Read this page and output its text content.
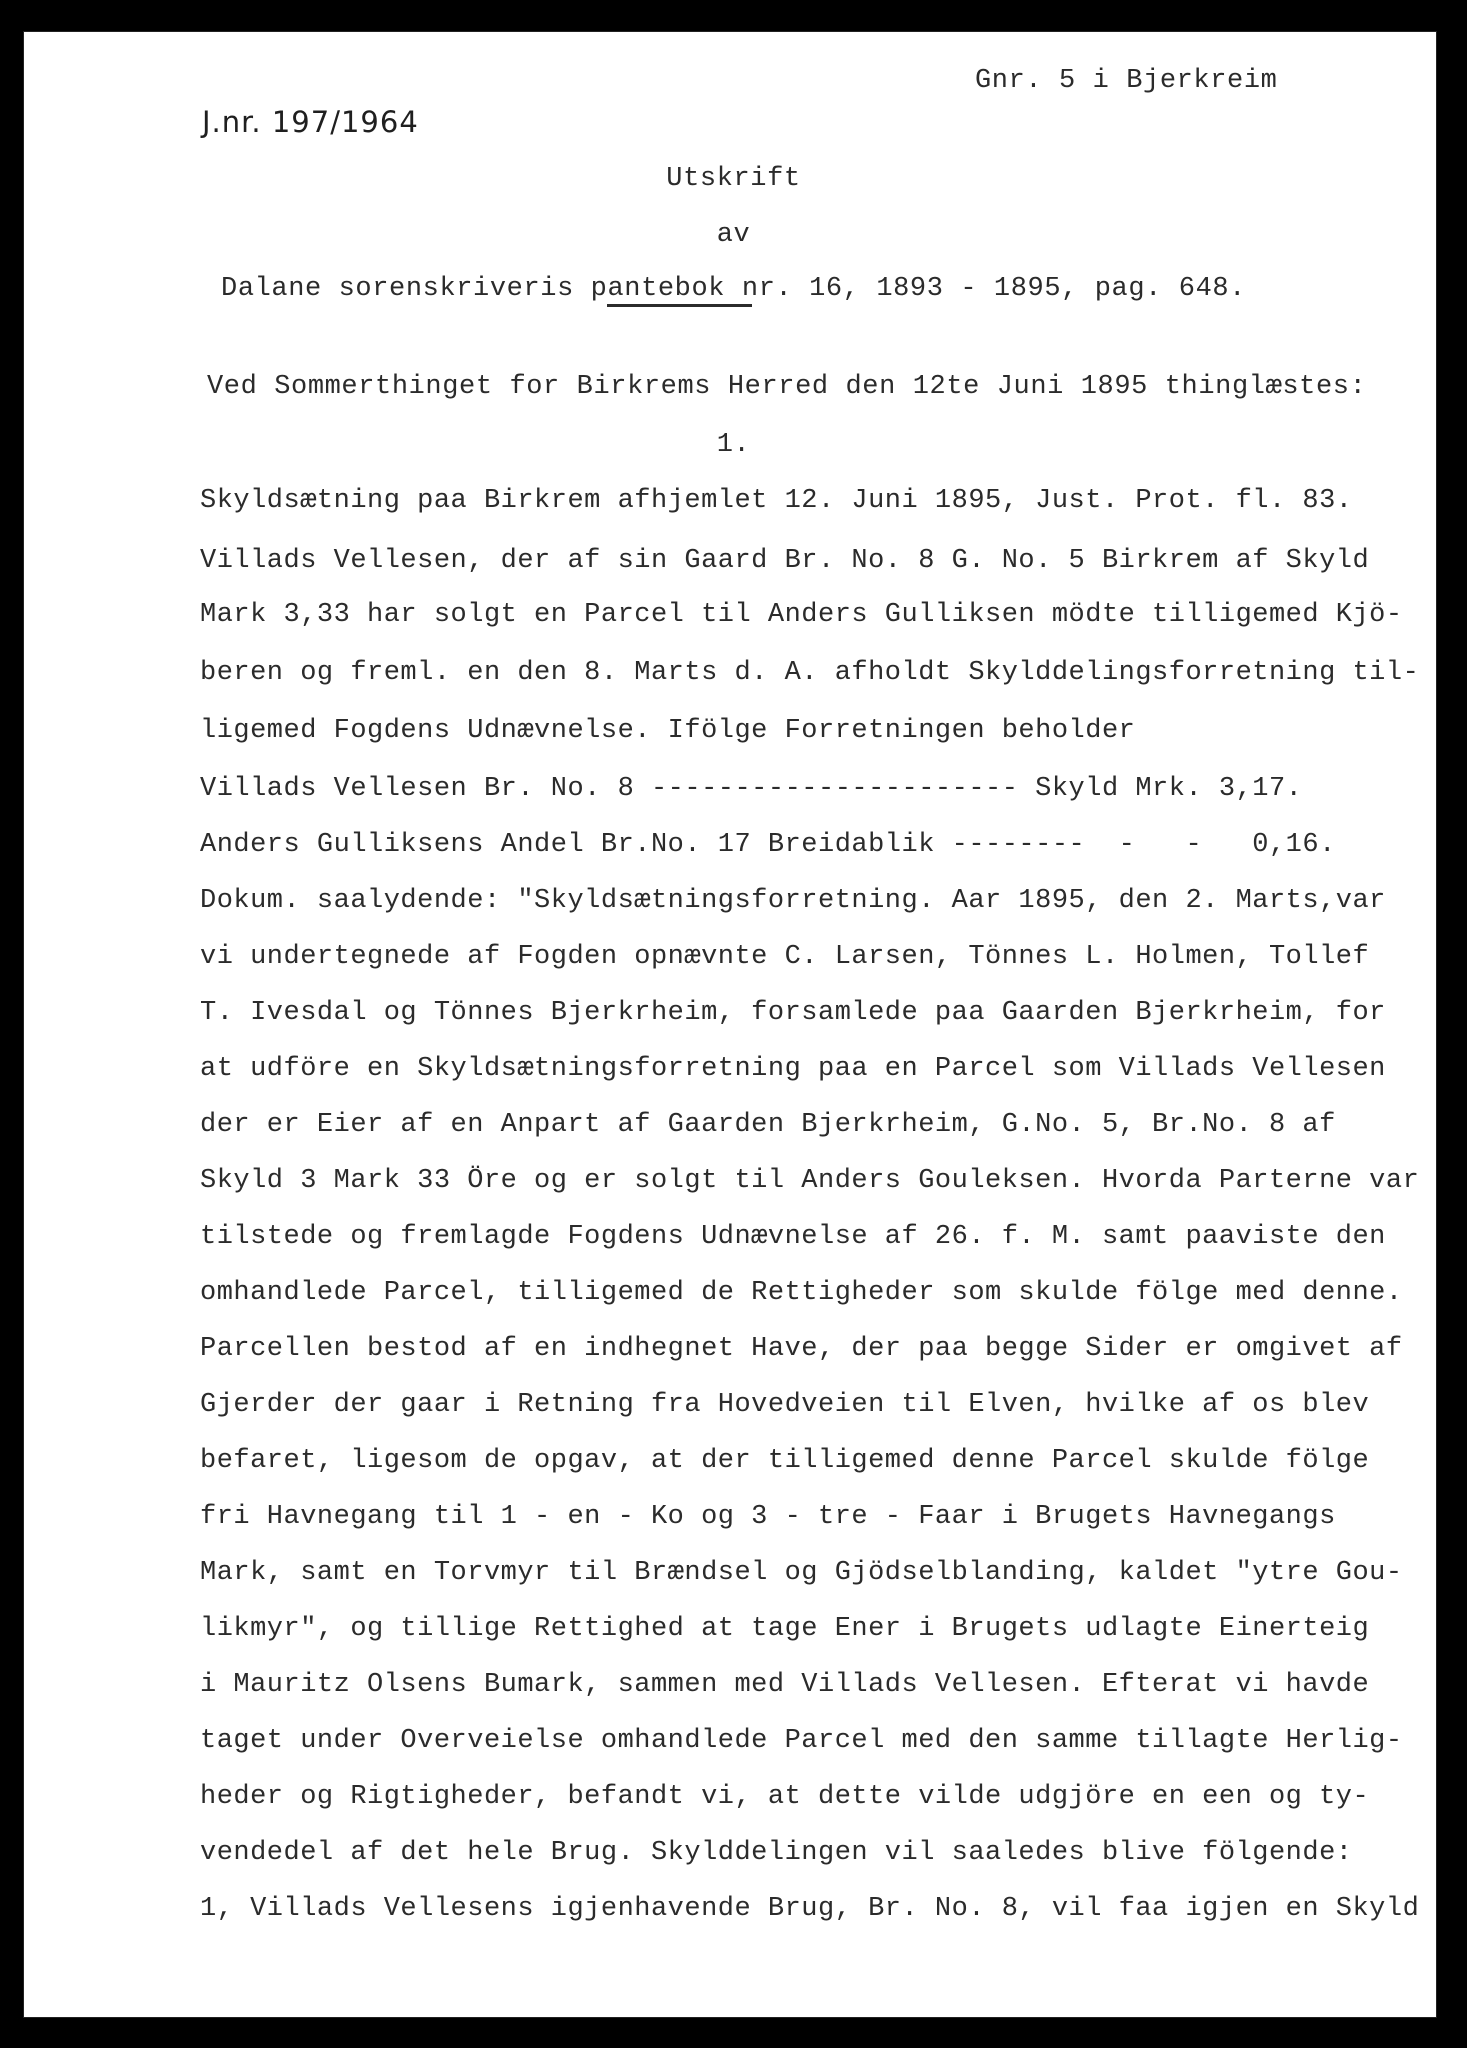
Gnr. 5 i Bjerkreim
J.nr. 197/1964
Utskrift
av
Dalane sorenskriveris pantebok nr. 16, 1893 - 1895, pag. 648.
Ved Sommerthinget for Birkrems Herred den 12te Juni 1895 thinglæstes:
1.
Skyldsætning paa Birkrem afhjemlet 12. Juni 1895, Just. Prot. fl. 83.
Villads Vellesen, der af sin Gaard Br. No. 8 G. No. 5 Birkrem af Skyld
Mark 3,33 har solgt en Parcel til Anders Gulliksen mödte tilligemed Kjö-
beren og freml. en den 8. Marts d. A. afholdt Skylddelingsforretning til-
ligemed Fogdens Udnævnelse. Ifölge Forretningen beholder
Villads Vellesen Br. No. 8 ---------------------- Skyld Mrk. 3,17.
Anders Gulliksens Andel Br.No. 17 Breidablik --------  -   -   0,16.
Dokum. saalydende: "Skyldsætningsforretning. Aar 1895, den 2. Marts,var
vi undertegnede af Fogden opnævnte C. Larsen, Tönnes L. Holmen, Tollef
T. Ivesdal og Tönnes Bjerkrheim, forsamlede paa Gaarden Bjerkrheim, for
at udföre en Skyldsætningsforretning paa en Parcel som Villads Vellesen
der er Eier af en Anpart af Gaarden Bjerkrheim, G.No. 5, Br.No. 8 af
Skyld 3 Mark 33 Öre og er solgt til Anders Gouleksen. Hvorda Parterne var
tilstede og fremlagde Fogdens Udnævnelse af 26. f. M. samt paaviste den
omhandlede Parcel, tilligemed de Rettigheder som skulde fölge med denne.
Parcellen bestod af en indhegnet Have, der paa begge Sider er omgivet af
Gjerder der gaar i Retning fra Hovedveien til Elven, hvilke af os blev
befaret, ligesom de opgav, at der tilligemed denne Parcel skulde fölge
fri Havnegang til 1 - en - Ko og 3 - tre - Faar i Brugets Havnegangs
Mark, samt en Torvmyr til Brændsel og Gjödselblanding, kaldet "ytre Gou-
likmyr", og tillige Rettighed at tage Ener i Brugets udlagte Einerteig
i Mauritz Olsens Bumark, sammen med Villads Vellesen. Efterat vi havde
taget under Overveielse omhandlede Parcel med den samme tillagte Herlig-
heder og Rigtigheder, befandt vi, at dette vilde udgjöre en een og ty-
vendedel af det hele Brug. Skylddelingen vil saaledes blive fölgende:
1, Villads Vellesens igjenhavende Brug, Br. No. 8, vil faa igjen en Skyld
